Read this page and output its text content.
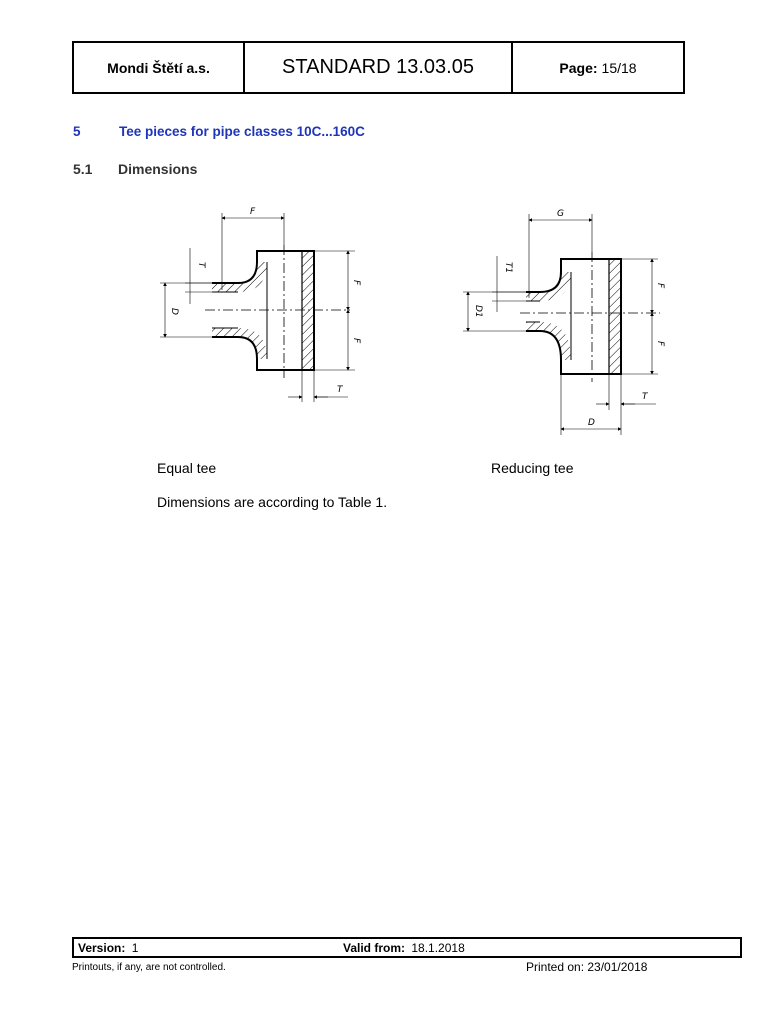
Mondi Štětí a.s.	STANDARD 13.03.05	Page: 15/18
5	Tee pieces for pipe classes 10C...160C
5.1 Dimensions
F
T
D
F
F
T
G
T1
D1
F
F
T
D
Equal tee	Reducing tee
Dimensions are according to Table 1.
Version: 1	Valid from: 18.1.2018
Printouts, if any, are not controlled.	Printed on: 23/01/2018
